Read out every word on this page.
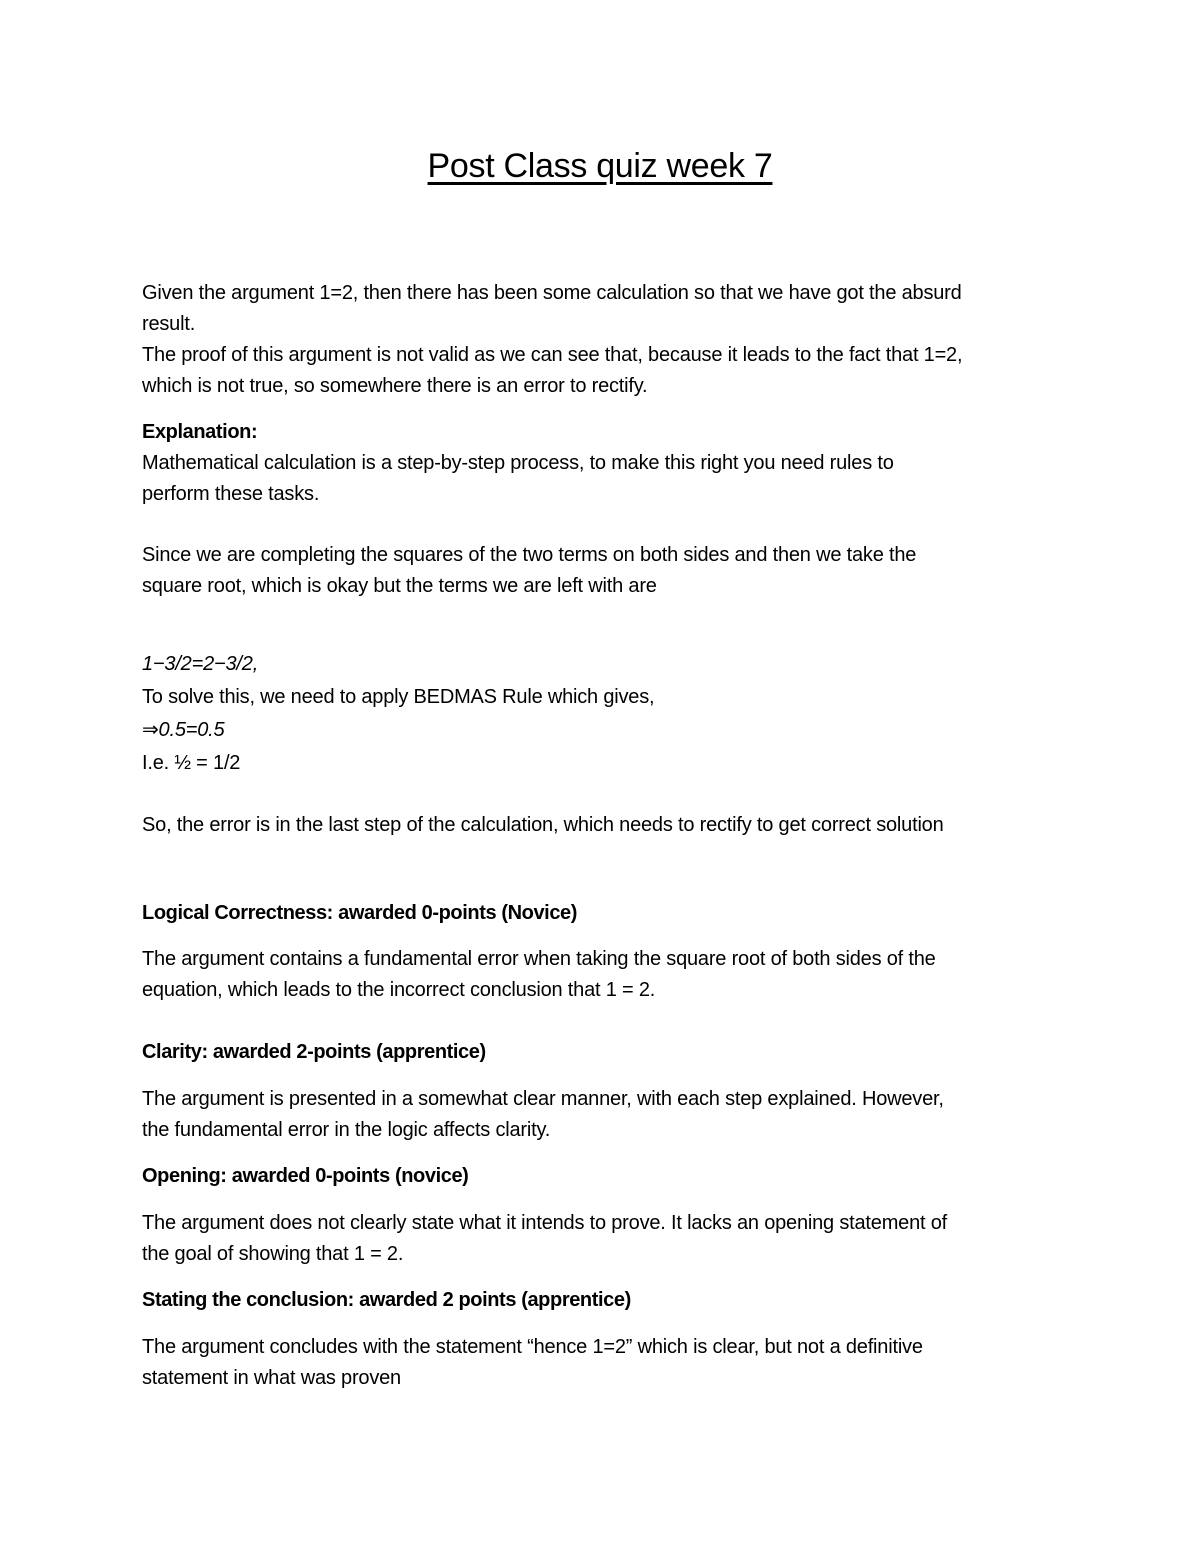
Post Class quiz week 7
Given the argument 1=2, then there has been some calculation so that we have got the absurd
result.
The proof of this argument is not valid as we can see that, because it leads to the fact that 1=2,
which is not true, so somewhere there is an error to rectify.
Explanation:
Mathematical calculation is a step-by-step process, to make this right you need rules to
perform these tasks.
Since we are completing the squares of the two terms on both sides and then we take the
square root, which is okay but the terms we are left with are
1−3/2=2−3/2,
To solve this, we need to apply BEDMAS Rule which gives,
⇒0.5=0.5
I.e. ½ = 1/2
So, the error is in the last step of the calculation, which needs to rectify to get correct solution
Logical Correctness: awarded 0-points (Novice)
The argument contains a fundamental error when taking the square root of both sides of the
equation, which leads to the incorrect conclusion that 1 = 2.
Clarity: awarded 2-points (apprentice)
The argument is presented in a somewhat clear manner, with each step explained. However,
the fundamental error in the logic affects clarity.
Opening: awarded 0-points (novice)
The argument does not clearly state what it intends to prove. It lacks an opening statement of
the goal of showing that 1 = 2.
Stating the conclusion: awarded 2 points (apprentice)
The argument concludes with the statement “hence 1=2” which is clear, but not a definitive
statement in what was proven
